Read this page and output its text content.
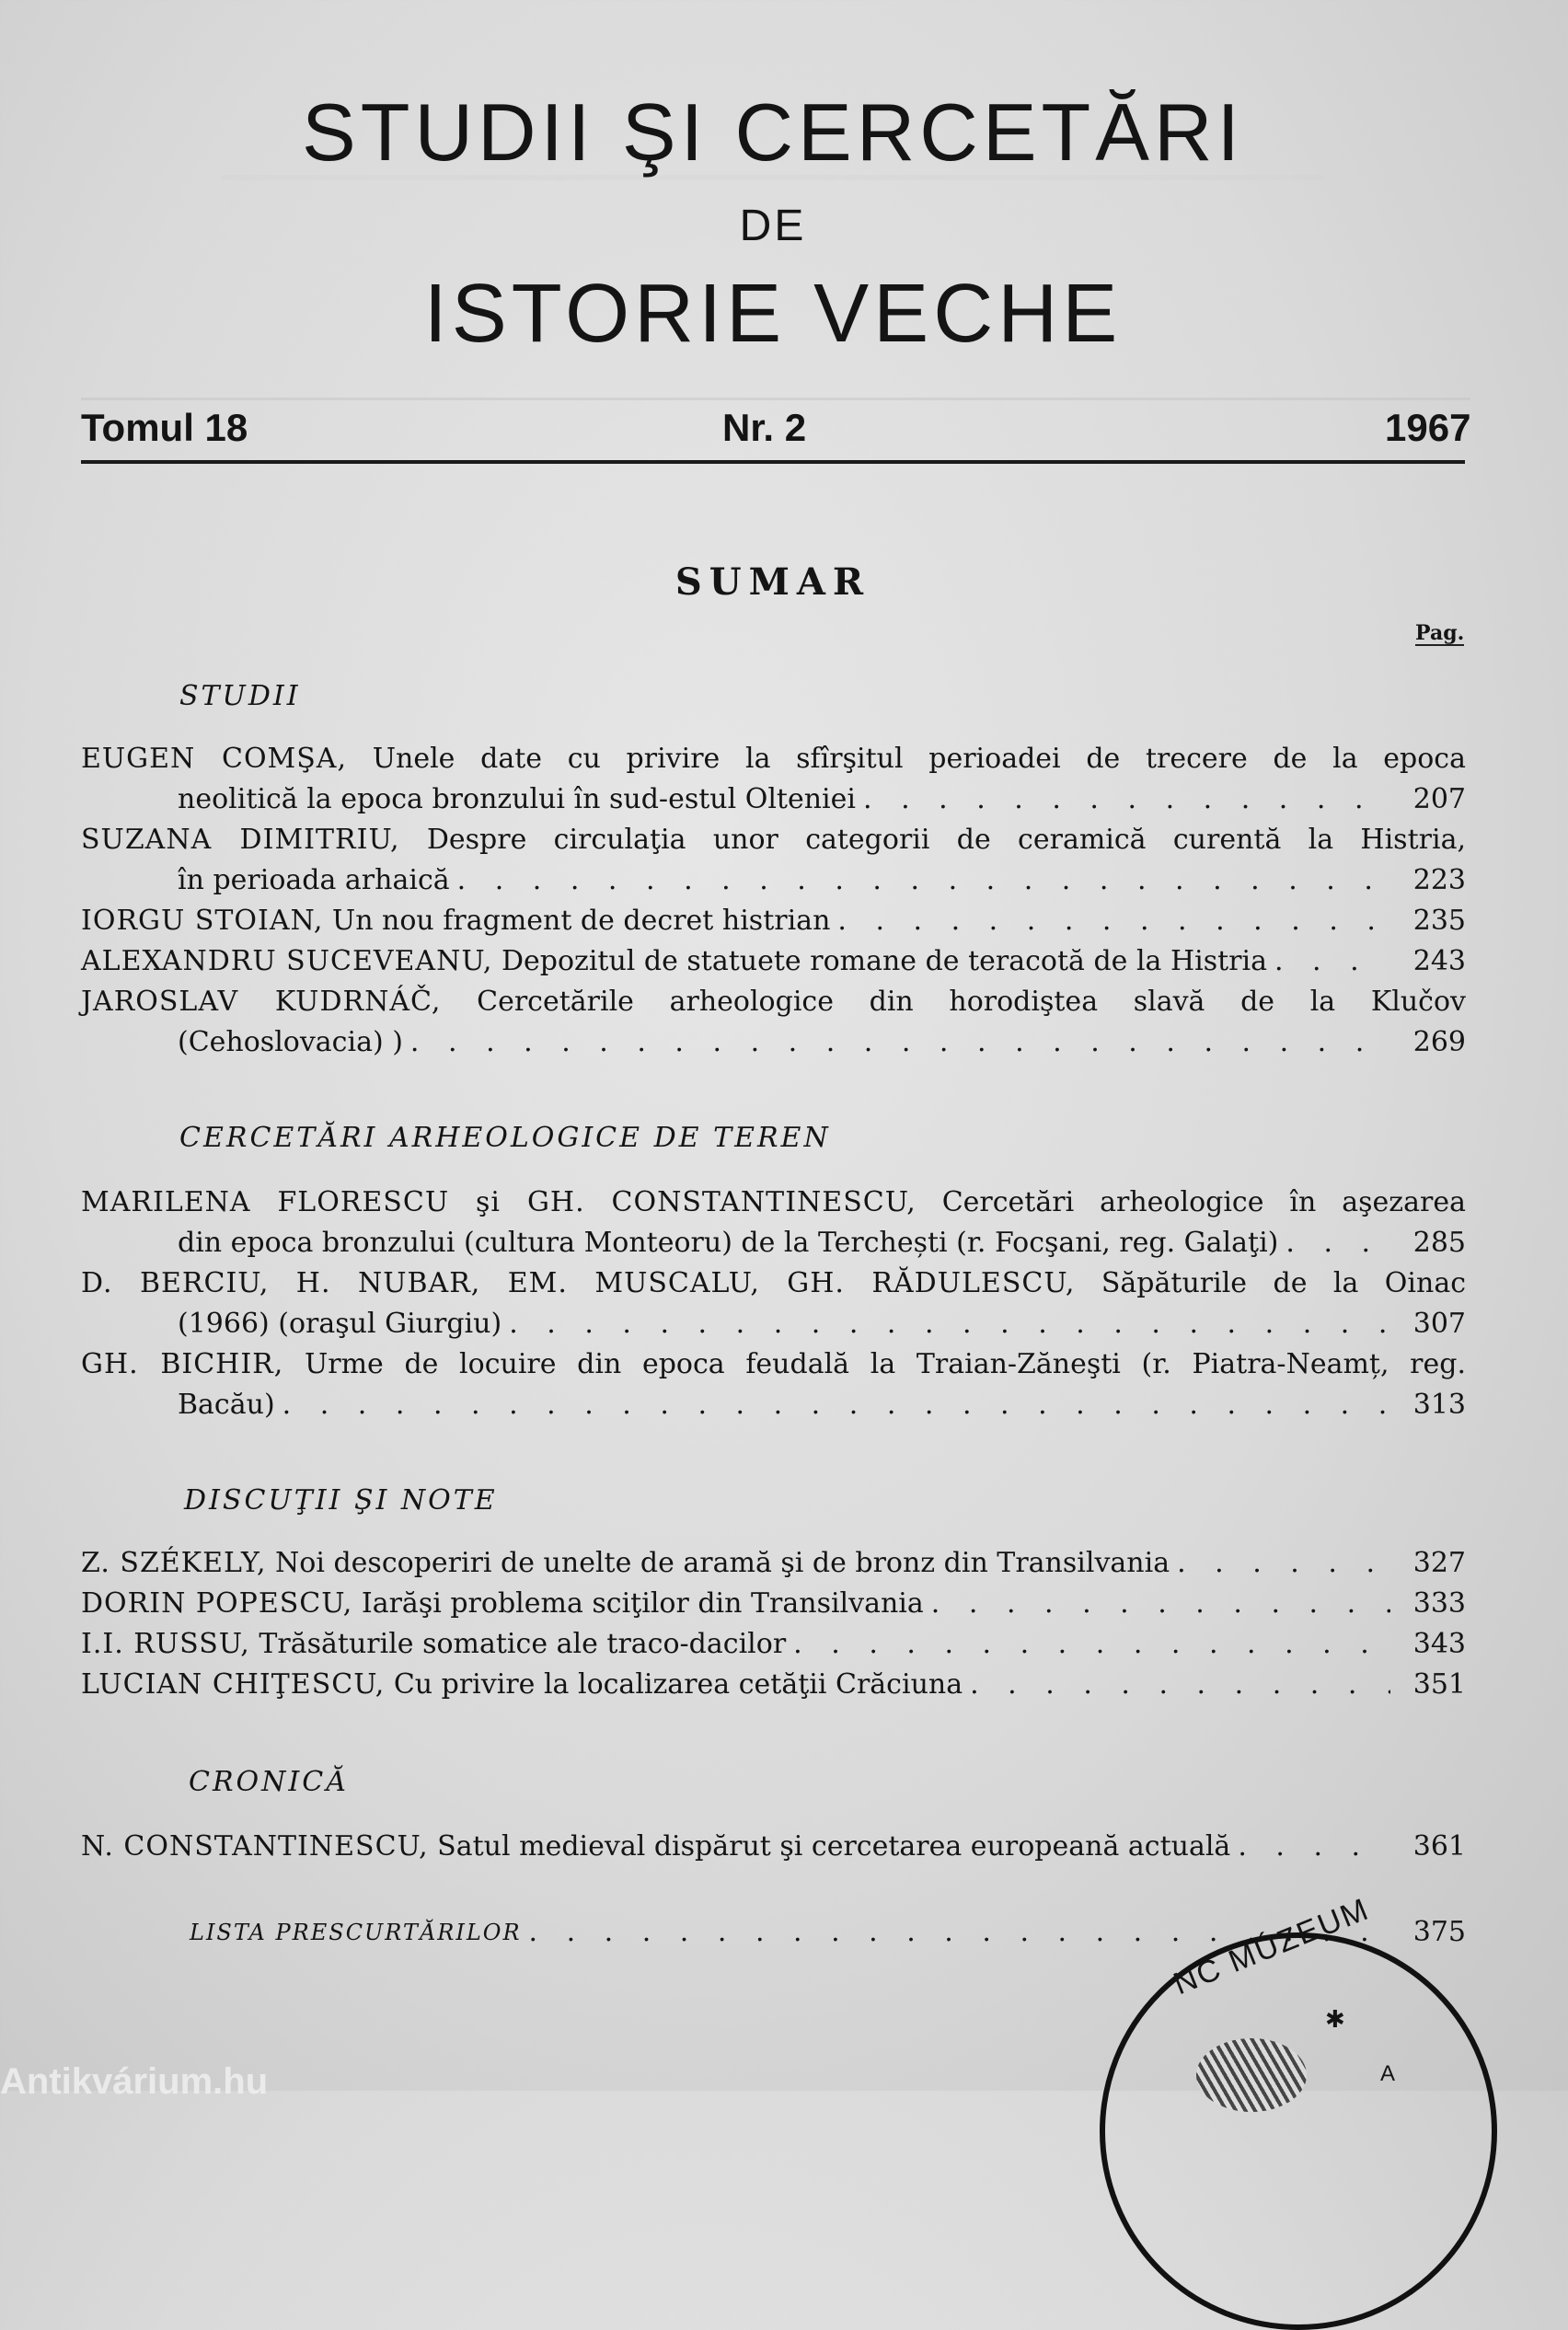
STUDII ŞI CERCETĂRI
DE
ISTORIE VECHE
Tomul 18	Nr. 2	1967
SUMAR
Pag.
STUDII
EUGEN COMŞA, Unele date cu privire la sfîrşitul perioadei de trecere de la epoca
neolitică la epoca bronzului în sud-estul Olteniei . . .	207
SUZANA DIMITRIU, Despre circulaţia unor categorii de ceramică curentă la Histria,
în perioada arhaică . . .	223
IORGU STOIAN,
Un nou fragment de decret histrian . . .	235
ALEXANDRU SUCEVEANU,
Depozitul de statuete romane de teracotă de la Histria . . .	243
JAROSLAV KUDRNÁČ, Cercetările arheologice din horodiştea slavă de la Klučov
(Cehoslovacia) ) . . .	269
CERCETĂRI ARHEOLOGICE DE TEREN
MARILENA FLORESCU şi GH. CONSTANTINESCU, Cercetări arheologice în aşezarea
din epoca bronzului (cultura Monteoru) de la Terchești (r. Focşani, reg. Galaţi) . . .	285
D. BERCIU, H. NUBAR, EM. MUSCALU, GH. RĂDULESCU, Săpăturile de la Oinac
(1966) (oraşul Giurgiu) . . .	307
GH. BICHIR, Urme de locuire din epoca feudală la Traian-Zăneşti (r. Piatra-Neamț, reg.
Bacău) . . .	313
DISCUŢII ŞI NOTE
Z. SZÉKELY,
Noi descoperiri de unelte de aramă şi de bronz din Transilvania . . .	327
DORIN POPESCU,
Iarăşi problema sciţilor din Transilvania . . .	333
I.I. RUSSU,
Trăsăturile somatice ale traco-dacilor . . .	343
LUCIAN CHIŢESCU,
Cu privire la localizarea cetăţii Crăciuna . . .	351
CRONICĂ
N. CONSTANTINESCU,
Satul medieval dispărut şi cercetarea europeană actuală . . .	361
LISTA PRESCURTĂRILOR . . .	375
NC MÚZEUM
✱
A
Antikvárium.hu
